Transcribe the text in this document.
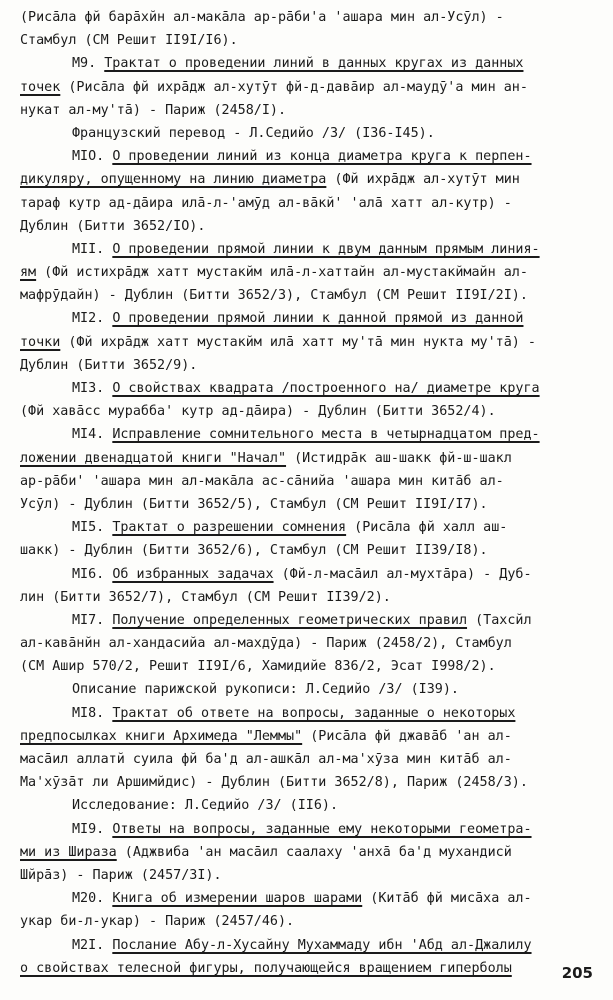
(Рисāла фй барāхйн ал-макāла ар-рāби'а 'ашара мин ал-Усӯл) -
Стамбул (СМ Решит II9I/I6).
М9. Трактат о проведении линий в данных кругах из данных
точек (Рисāла фй ихрāдж ал-хутӯт фй-д-давāир ал-маудӯ'а мин ан-
нукат ал-му'тā) - Париж (2458/I).
Французский перевод - Л.Седийо /3/ (I36-I45).
МIO. О проведении линий из конца диаметра круга к перпен-
дикуляру, опущенному на линию диаметра (Фй ихрāдж ал-хутӯт мин
тараф кутр ад-дāира илā-л-'амӯд ал-вāкй' 'алā хатт ал-кутр) -
Дублин (Битти 3652/IO).
МII. О проведении прямой линии к двум данным прямым линия-
ям (Фй истихрāдж хатт мустакйм илā-л-хаттайн ал-мустакймайн ал-
мафрӯдайн) - Дублин (Битти 3652/3), Стамбул (СМ Решит II9I/2I).
МI2. О проведении прямой линии к данной прямой из данной
точки (Фй ихрāдж хатт мустакйм илā хатт му'тā мин нукта му'тā) -
Дублин (Битти 3652/9).
МI3. О свойствах квадрата /построенного на/ диаметре круга
(Фй хавāсс мураббa' кутр ад-дāира) - Дублин (Битти 3652/4).
МI4. Исправление сомнительного места в четырнадцатом пред-
ложении двенадцатой книги "Начал" (Истидрāк аш-шакк фй-ш-шакл
ар-рāби' 'ашара мин ал-макāла ас-сāнийа 'ашара мин китāб ал-
Усӯл) - Дублин (Битти 3652/5), Стамбул (СМ Решит II9I/I7).
МI5. Трактат о разрешении сомнения (Рисāла фй халл аш-
шакк) - Дублин (Битти 3652/6), Стамбул (СМ Решит II39/I8).
МI6. Об избранных задачах (Фй-л-масāил ал-мухтāра) - Дуб-
лин (Битти 3652/7), Стамбул (СМ Решит II39/2).
МI7. Получение определенных геометрических правил (Тахсйл
ал-кавāнйн ал-хандасийа ал-махдӯда) - Париж (2458/2), Стамбул
(СМ Ашир 570/2, Решит II9I/6, Хамидийе 836/2, Эсат I998/2).
Описание парижской рукописи: Л.Седийо /3/ (I39).
МI8. Трактат об ответе на вопросы, заданные о некоторых
предпосылках книги Архимеда "Леммы" (Рисāла фй джавāб 'ан ал-
масāил аллатй суила фй ба'д ал-ашкāл ал-ма'хӯза мин китāб ал-
Ма'хӯзāт ли Аршимйдис) - Дублин (Битти 3652/8), Париж (2458/3).
Исследование: Л.Седийо /3/ (II6).
МI9. Ответы на вопросы, заданные ему некоторыми геометра-
ми из Шираза (Аджвиба 'ан масāил саалаху 'анхā ба'д мухандисй
Шйрāз) - Париж (2457/3I).
М20. Книга об измерении шаров шарами (Китāб фй мисāха ал-
укар би-л-укар) - Париж (2457/46).
М2I. Послание Абу-л-Хусайну Мухаммаду ибн 'Абд ал-Джалилу
о свойствах телесной фигуры, получающейся вращением гиперболы	205
